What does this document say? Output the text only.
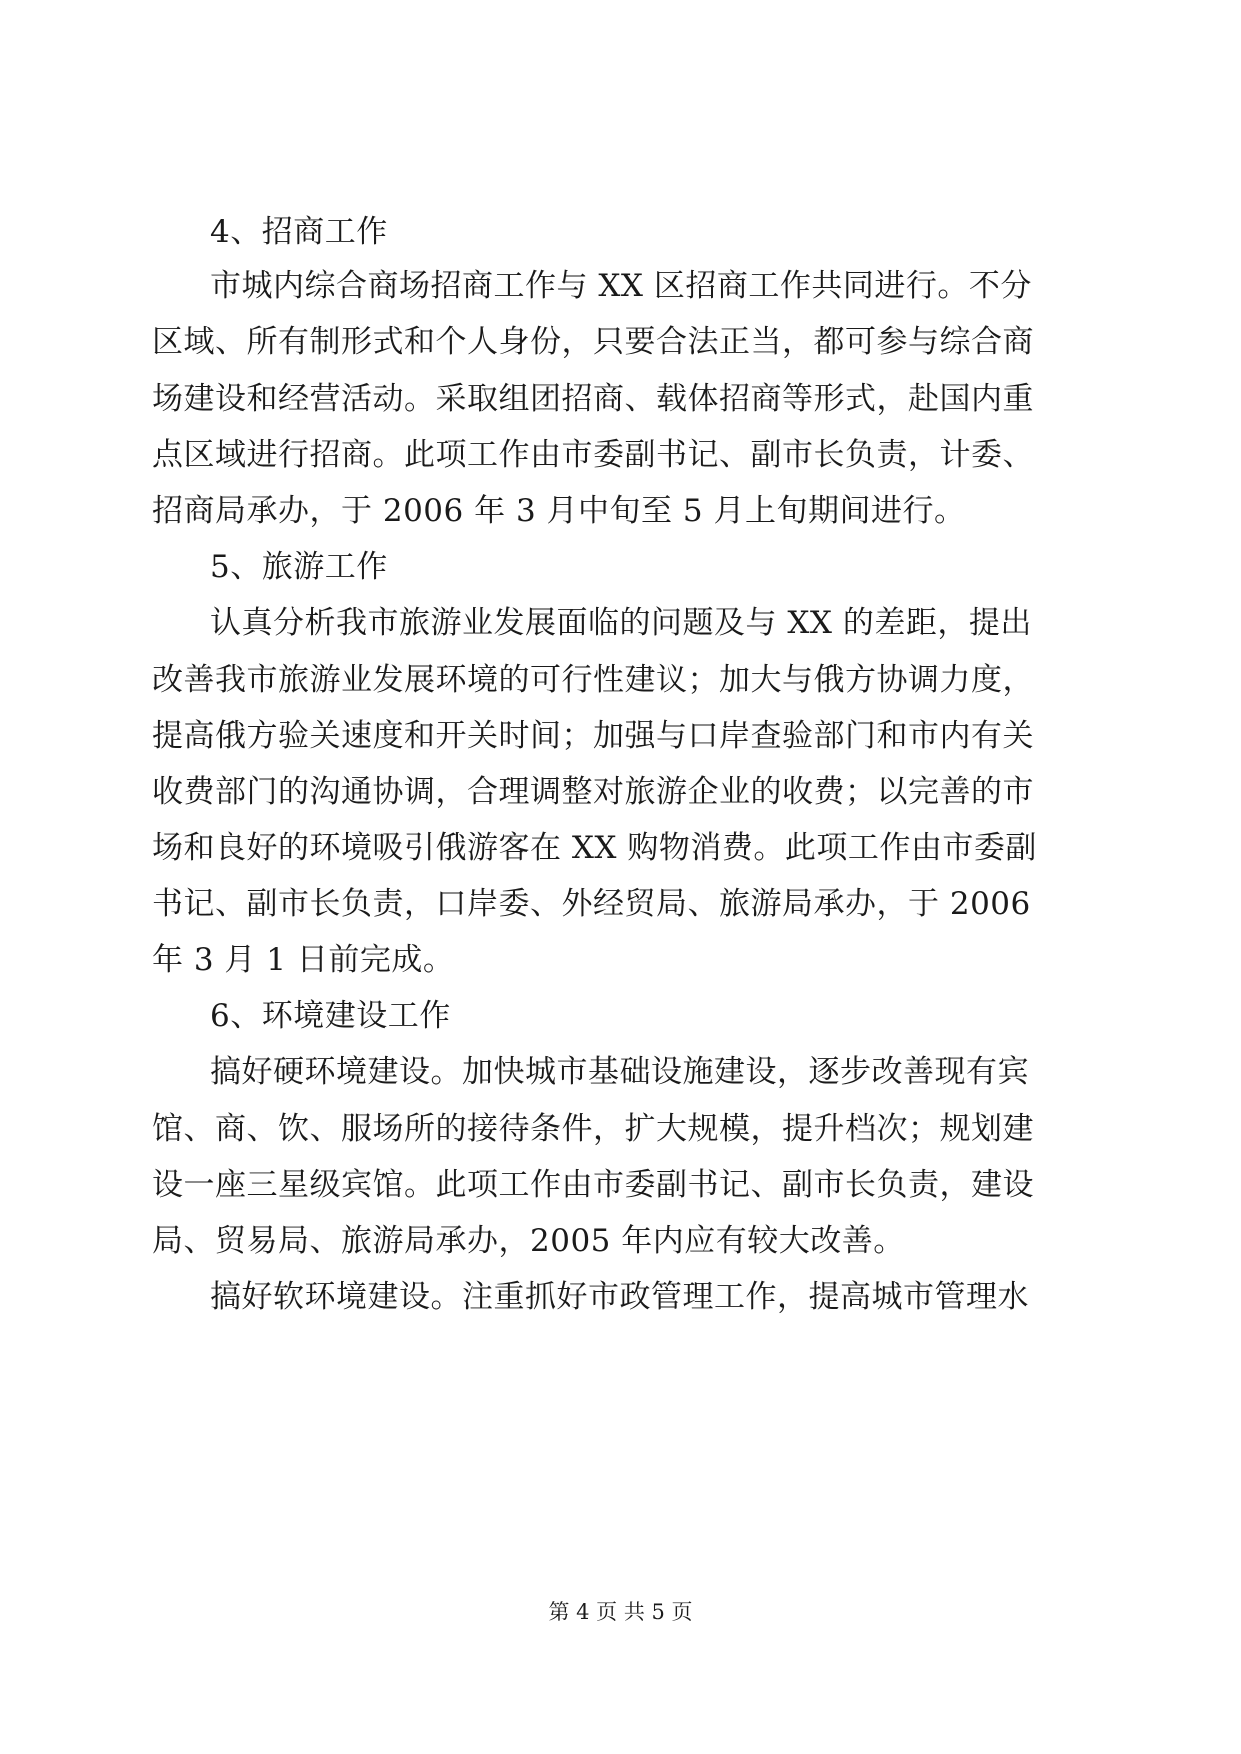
4、招商工作
市城内综合商场招商工作与 XX 区招商工作共同进行。不分
区域、所有制形式和个人身份，只要合法正当，都可参与综合商
场建设和经营活动。采取组团招商、载体招商等形式，赴国内重
点区域进行招商。此项工作由市委副书记、副市长负责，计委、
招商局承办，于 2006 年 3 月中旬至 5 月上旬期间进行。
5、旅游工作
认真分析我市旅游业发展面临的问题及与 XX 的差距，提出
改善我市旅游业发展环境的可行性建议；加大与俄方协调力度，
提高俄方验关速度和开关时间；加强与口岸查验部门和市内有关
收费部门的沟通协调，合理调整对旅游企业的收费；以完善的市
场和良好的环境吸引俄游客在 XX 购物消费。此项工作由市委副
书记、副市长负责，口岸委、外经贸局、旅游局承办，于 2006
年 3 月 1 日前完成。
6、环境建设工作
搞好硬环境建设。加快城市基础设施建设，逐步改善现有宾
馆、商、饮、服场所的接待条件，扩大规模，提升档次；规划建
设一座三星级宾馆。此项工作由市委副书记、副市长负责，建设
局、贸易局、旅游局承办，2005 年内应有较大改善。
搞好软环境建设。注重抓好市政管理工作，提高城市管理水
第 4 页 共 5 页
